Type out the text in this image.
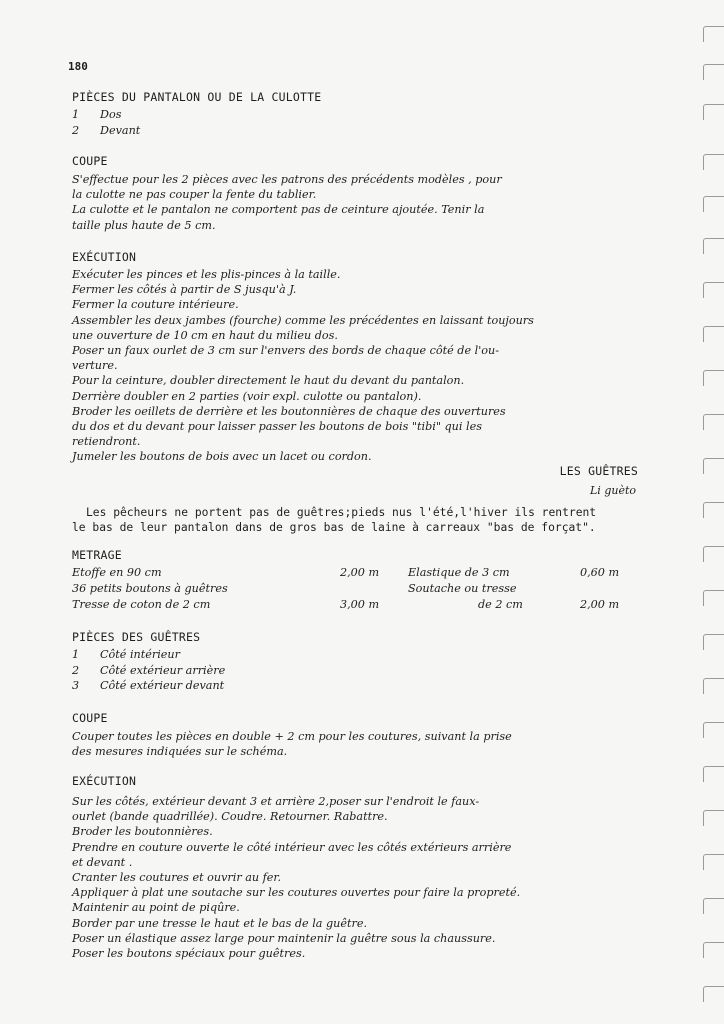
180
PIÈCES DU PANTALON OU DE LA CULOTTE
1	Dos
2	Devant
COUPE
S'effectue pour les 2 pièces avec les patrons des précédents modèles , pour
la culotte ne pas couper la fente du tablier.
La culotte et le pantalon ne comportent pas de ceinture ajoutée. Tenir la
taille plus haute de 5 cm.
EXÉCUTION
Exécuter les pinces et les plis-pinces à la taille.
Fermer les côtés à partir de S jusqu'à J.
Fermer la couture intérieure.
Assembler les deux jambes (fourche) comme les précédentes en laissant toujours
une ouverture de 10 cm en haut du milieu dos.
Poser un faux ourlet de 3 cm sur l'envers des bords de chaque côté de l'ou-
verture.
Pour la ceinture, doubler directement le haut du devant du pantalon.
Derrière doubler en 2 parties (voir expl. culotte ou pantalon).
Broder les oeillets de derrière et les boutonnières de chaque des ouvertures
du dos et du devant pour laisser passer les boutons de bois "tibi" qui les
retiendront.
Jumeler les boutons de bois avec un lacet ou cordon.
LES GUÊTRES
Li guèto
Les pêcheurs ne portent pas de guêtres;pieds nus l'été,l'hiver ils rentrent
le bas de leur pantalon dans de gros bas de laine à carreaux "bas de forçat".
METRAGE
Etoffe en 90 cm	2,00 m	Elastique de 3 cm	0,60 m
36 petits boutons à guêtres	Soutache ou tresse
Tresse de coton de 2 cm	3,00 m	de 2 cm	2,00 m
PIÈCES DES GUÊTRES
1	Côté intérieur
2	Côté extérieur arrière
3	Côté extérieur devant
COUPE
Couper toutes les pièces en double + 2 cm pour les coutures, suivant la prise
des mesures indiquées sur le schéma.
EXÉCUTION
Sur les côtés, extérieur devant 3 et arrière 2,poser sur l'endroit le faux-
ourlet (bande quadrillée). Coudre. Retourner. Rabattre.
Broder les boutonnières.
Prendre en couture ouverte le côté intérieur avec les côtés extérieurs arrière
et devant .
Cranter les coutures et ouvrir au fer.
Appliquer à plat une soutache sur les coutures ouvertes pour faire la propreté.
Maintenir au point de piqûre.
Border par une tresse le haut et le bas de la guêtre.
Poser un élastique assez large pour maintenir la guêtre sous la chaussure.
Poser les boutons spéciaux pour guêtres.
